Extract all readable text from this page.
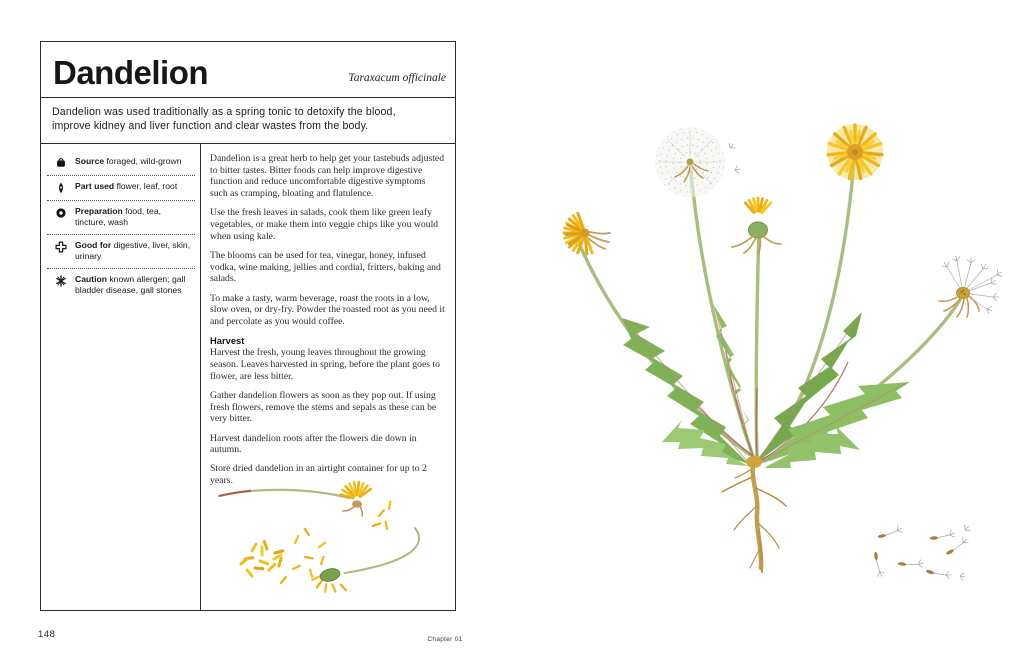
Dandelion	Taraxacum officinale
Dandelion was used traditionally as a spring tonic to detoxify the blood, improve kidney and liver function and clear wastes from the body.
Source foraged, wild-grown
Part used flower, leaf, root
Preparation food, tea, tincture, wash
Good for digestive, liver, skin, urinary
Caution known allergen; gall bladder disease, gall stones

Dandelion is a great herb to help get your tastebuds adjusted to bitter tastes. Bitter foods can help improve digestive function and reduce uncomfortable digestive symptoms such as cramping, bloating and flatulence.

Use the fresh leaves in salads, cook them like green leafy vegetables, or make them into veggie chips like you would when using kale.

The blooms can be used for tea, vinegar, honey, infused vodka, wine making, jellies and cordial, fritters, baking and salads.

To make a tasty, warm beverage, roast the roots in a low, slow oven, or dry-fry. Powder the roasted root as you need it and percolate as you would coffee.

Harvest

Harvest the fresh, young leaves throughout the growing season. Leaves harvested in spring, before the plant goes to flower, are less bitter.

Gather dandelion flowers as soon as they pop out. If using fresh flowers, remove the stems and sepals as these can be very bitter.

Harvest dandelion roots after the flowers die down in autumn.

Store dried dandelion in an airtight container for up to 2 years.

148	Chapter 01
